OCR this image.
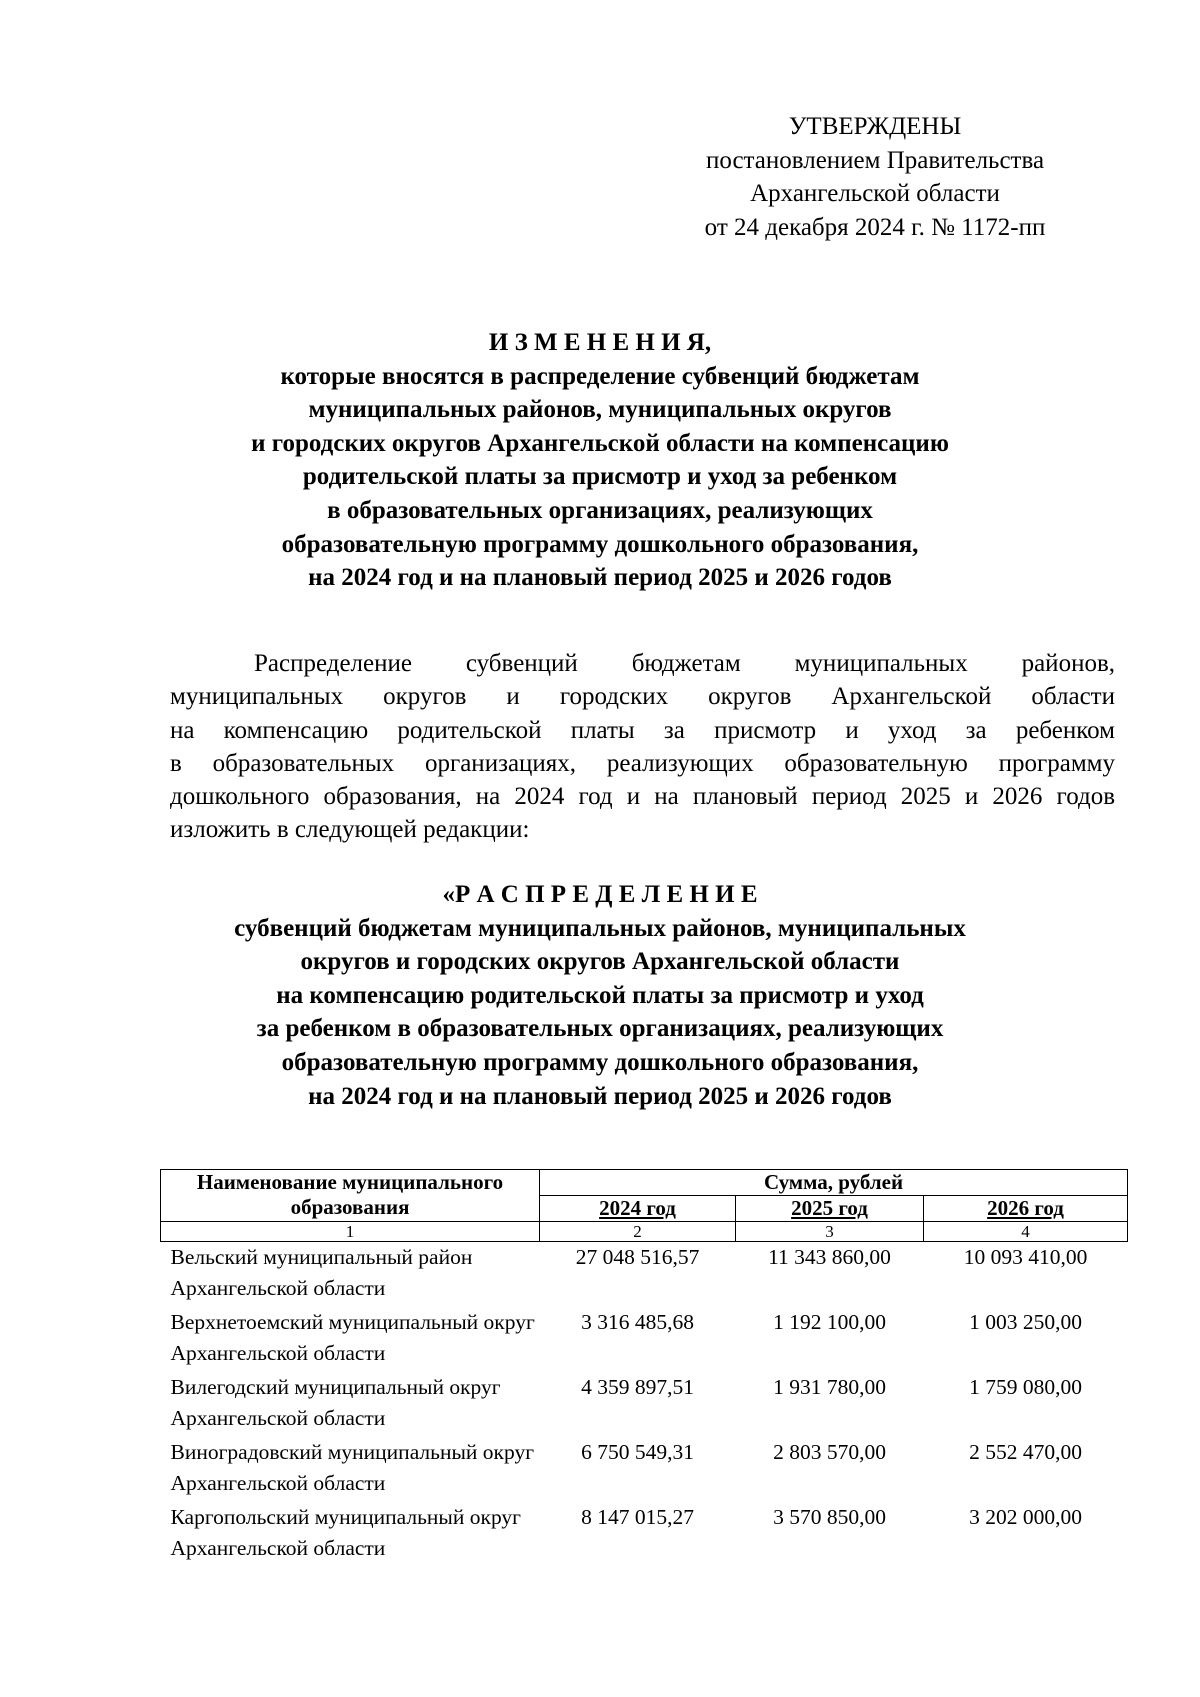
УТВЕРЖДЕНЫ
постановлением Правительства
Архангельской области
от 24 декабря 2024 г. № 1172-пп
И З М Е Н Е Н И Я,
которые вносятся в распределение субвенций бюджетам
муниципальных районов, муниципальных округов
и городских округов Архангельской области на компенсацию
родительской платы за присмотр и уход за ребенком
в образовательных организациях, реализующих
образовательную программу дошкольного образования,
на 2024 год и на плановый период 2025 и 2026 годов
Распределение субвенций бюджетам муниципальных районов,
муниципальных округов и городских округов Архангельской области
на компенсацию родительской платы за присмотр и уход за ребенком
в образовательных организациях, реализующих образовательную программу
дошкольного образования, на 2024 год и на плановый период 2025 и 2026 годов
изложить в следующей редакции:
«Р А С П Р Е Д Е Л Е Н И Е
субвенций бюджетам муниципальных районов, муниципальных
округов и городских округов Архангельской области
на компенсацию родительской платы за присмотр и уход
за ребенком в образовательных организациях, реализующих
образовательную программу дошкольного образования,
на 2024 год и на плановый период 2025 и 2026 годов
Наименование муниципального образования	Сумма, рублей		
	2024 год	2025 год	2026 год
1	2	3	4
Вельский муниципальный район Архангельской области	27 048 516,57	11 343 860,00	10 093 410,00
Верхнетоемский муниципальный округ Архангельской области	3 316 485,68	1 192 100,00	1 003 250,00
Вилегодский муниципальный округ Архангельской области	4 359 897,51	1 931 780,00	1 759 080,00
Виноградовский муниципальный округ Архангельской области	6 750 549,31	2 803 570,00	2 552 470,00
Каргопольский муниципальный округ Архангельской области	8 147 015,27	3 570 850,00	3 202 000,00
